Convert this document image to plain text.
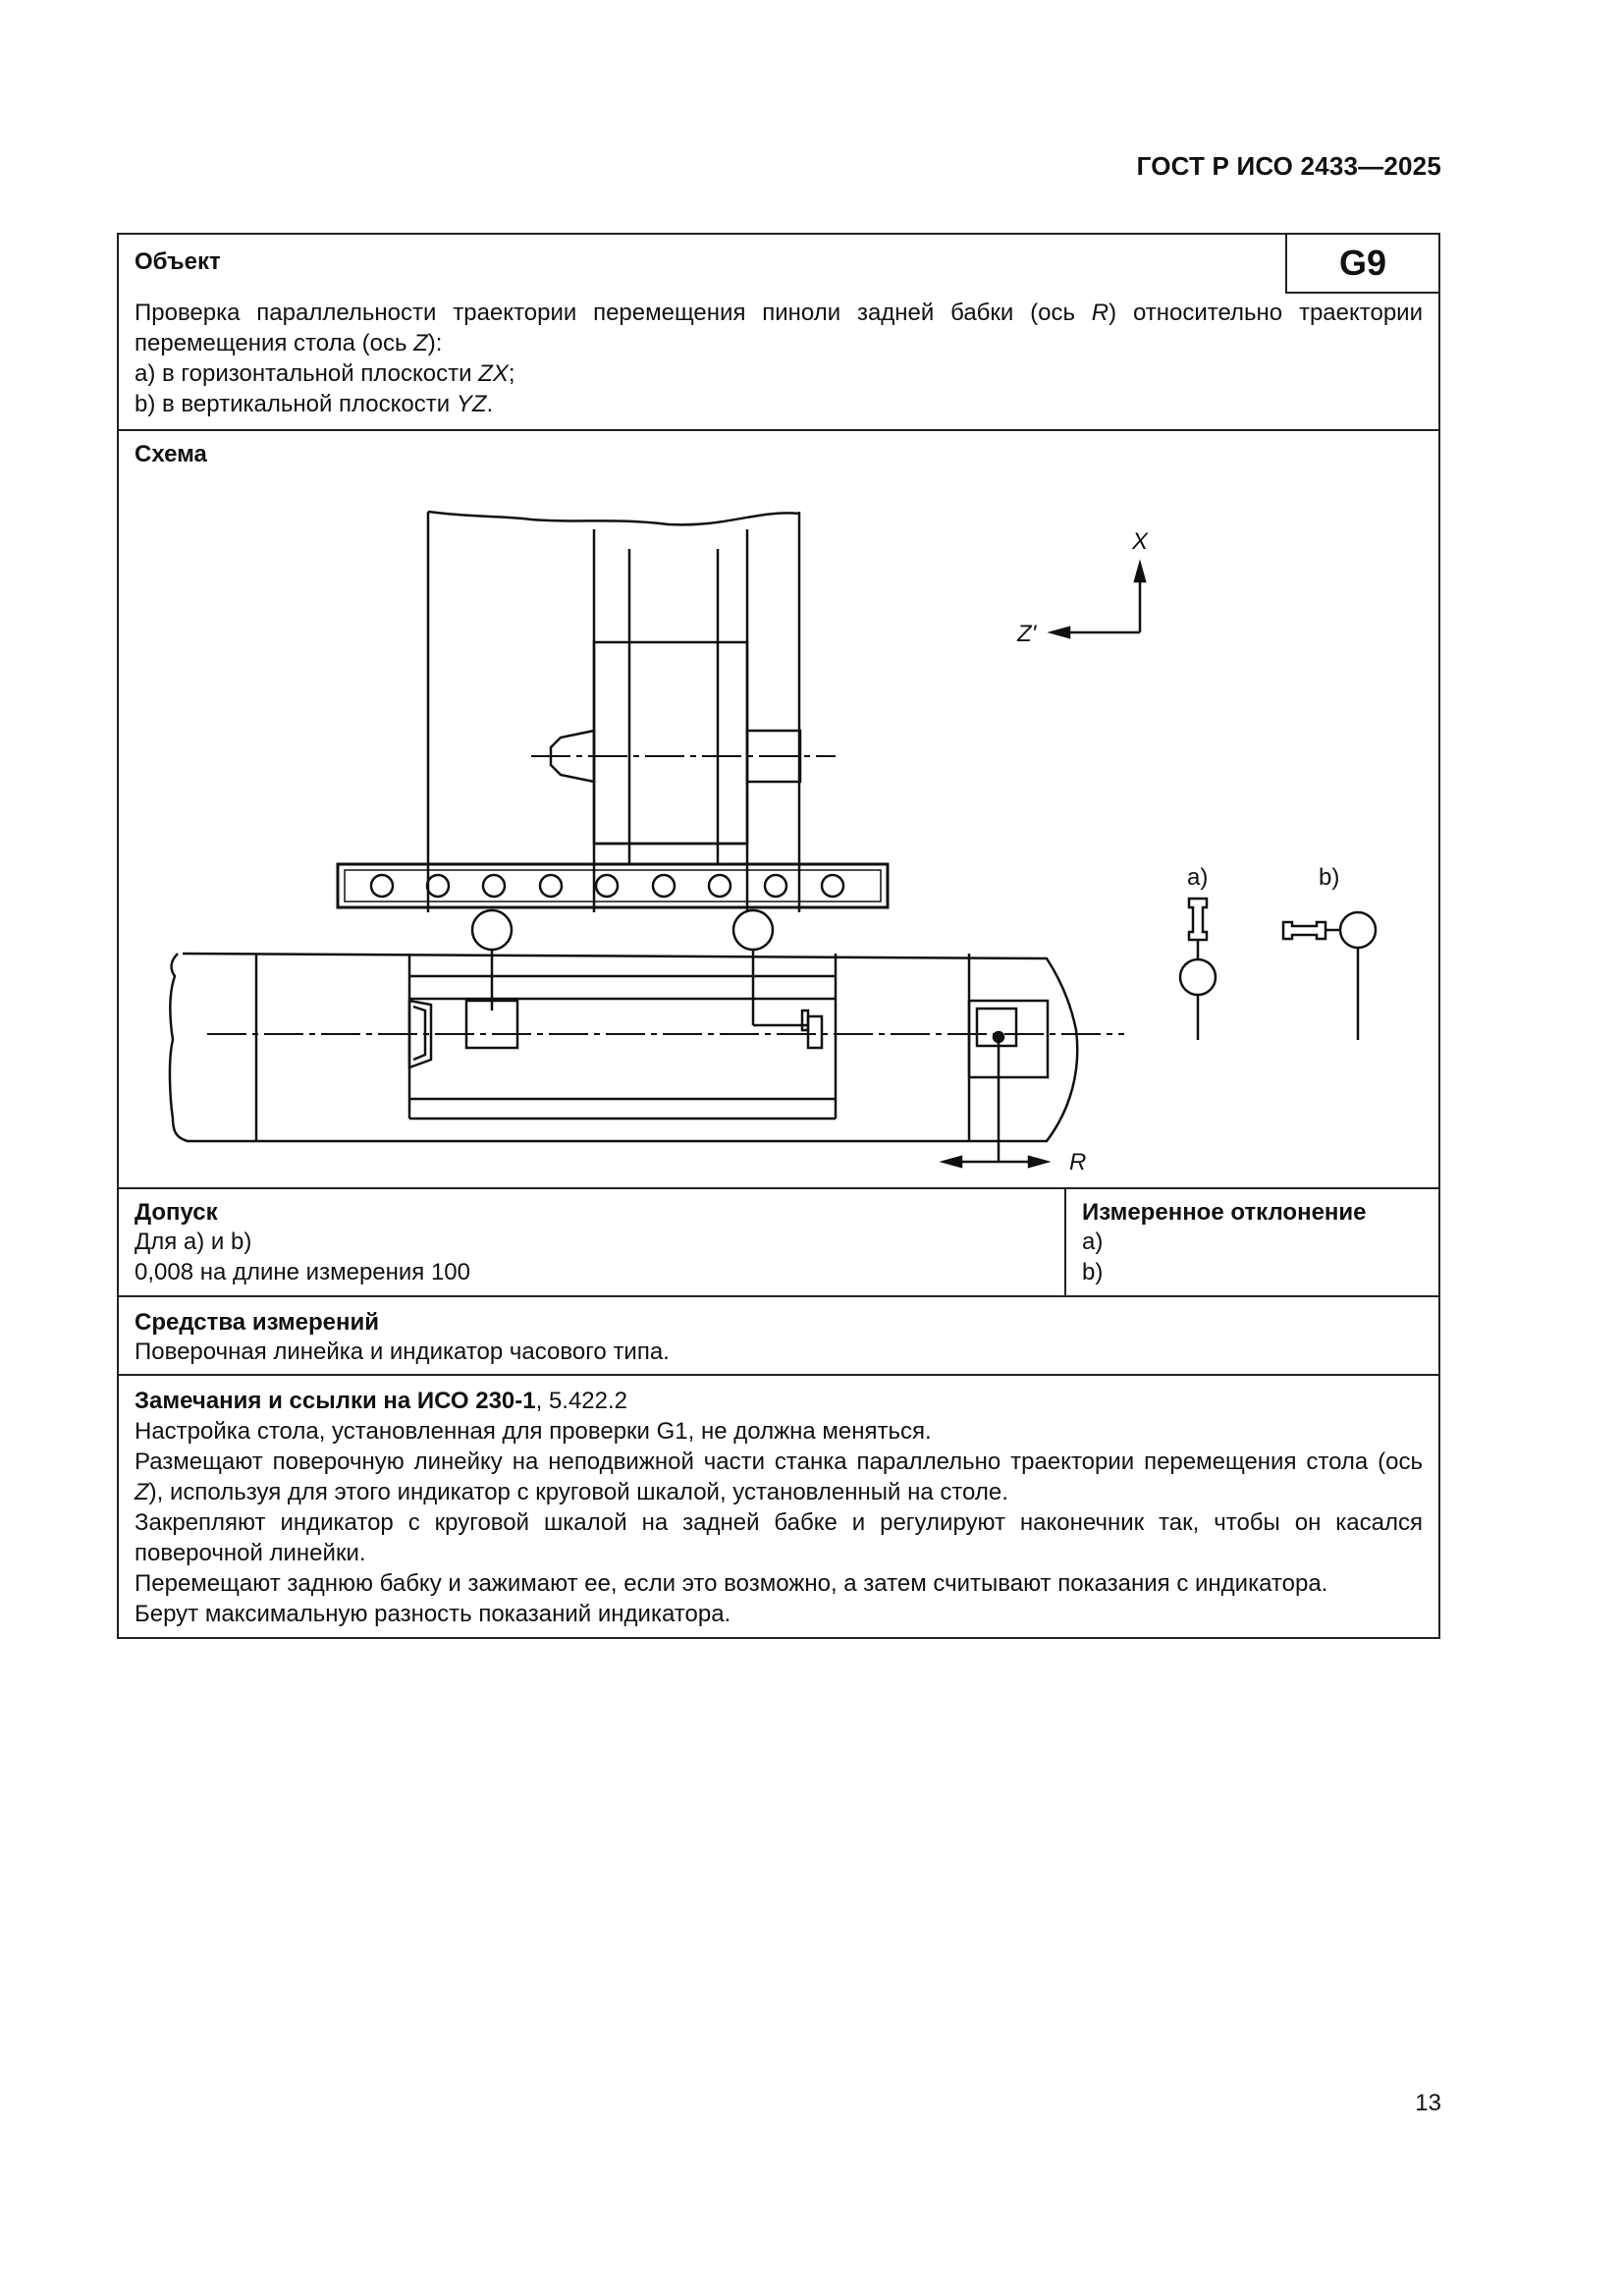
ГОСТ Р ИСО 2433—2025
Объект	G9
Проверка параллельности траектории перемещения пиноли задней бабки (ось R) относительно траектории перемещения стола (ось Z):
a) в горизонтальной плоскости ZX;
b) в вертикальной плоскости YZ.
Схема
X
Z'
R
a)	b)
Допуск
Для a) и b)
0,008 на длине измерения 100
Измеренное отклонение
a)
b)
Средства измерений
Поверочная линейка и индикатор часового типа.
Замечания и ссылки на ИСО 230-1, 5.422.2

Настройка стола, установленная для проверки G1, не должна меняться.

Размещают поверочную линейку на неподвижной части станка параллельно траектории перемещения стола (ось Z), используя для этого индикатор с круговой шкалой, установленный на столе.

Закрепляют индикатор с круговой шкалой на задней бабке и регулируют наконечник так, чтобы он касался поверочной линейки.

Перемещают заднюю бабку и зажимают ее, если это возможно, а затем считывают показания с индикатора.

Берут максимальную разность показаний индикатора.

13
